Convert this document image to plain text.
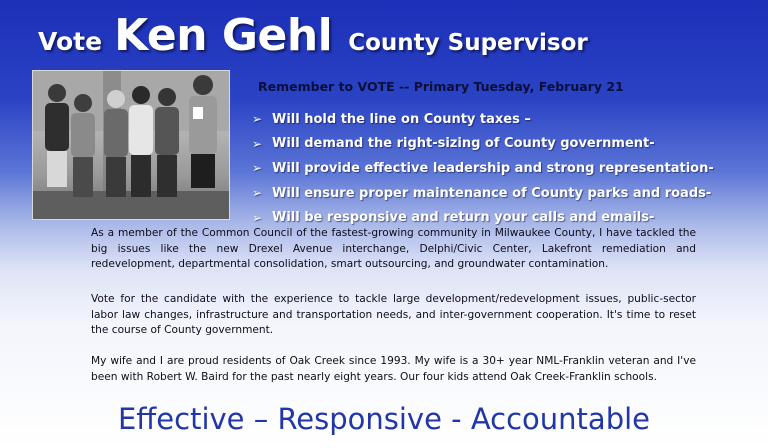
Vote Ken Gehl County Supervisor
Remember to VOTE -- Primary Tuesday, February 21
➢ Will hold the line on County taxes –
➢ Will demand the right-sizing of County government-
➢ Will provide effective leadership and strong representation-
➢ Will ensure proper maintenance of County parks and roads-
➢ Will be responsive and return your calls and emails-

As a member of the Common Council of the fastest-growing community in Milwaukee County, I have tackled the big issues like the new Drexel Avenue interchange, Delphi/Civic Center, Lakefront remediation and redevelopment, departmental consolidation, smart outsourcing, and groundwater contamination.

Vote for the candidate with the experience to tackle large development/redevelopment issues, public-sector labor law changes, infrastructure and transportation needs, and inter-government cooperation. It's time to reset the course of County government.

My wife and I are proud residents of Oak Creek since 1993. My wife is a 30+ year NML-Franklin veteran and I've been with Robert W. Baird for the past nearly eight years. Our four kids attend Oak Creek-Franklin schools.

Effective – Responsive - Accountable
